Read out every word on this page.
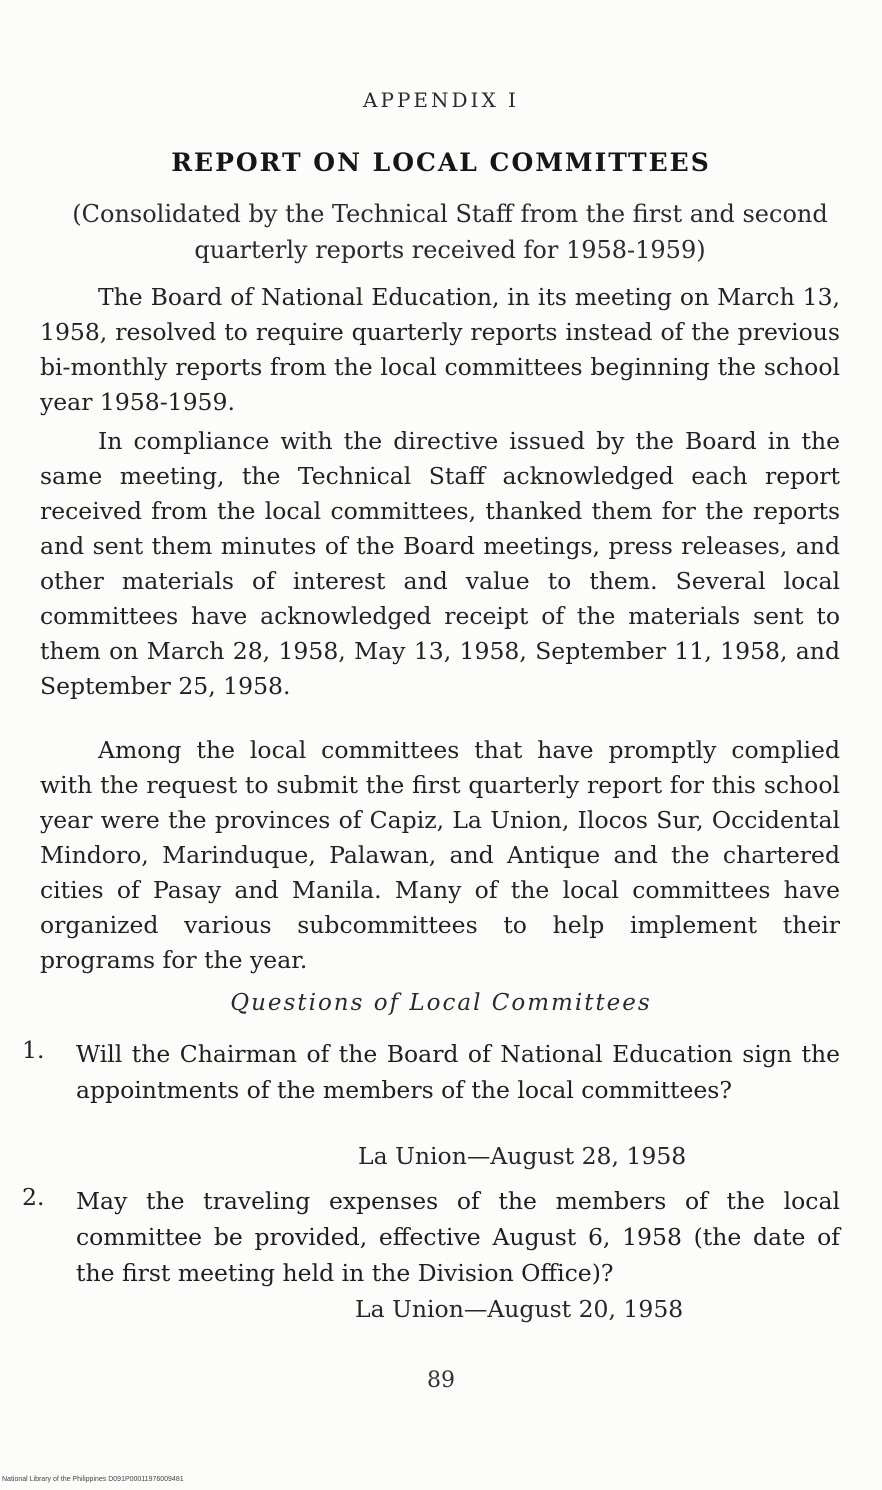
APPENDIX I
REPORT ON LOCAL COMMITTEES
(Consolidated by the Technical Staff from the first and second quarterly reports received for 1958-1959)
The Board of National Education, in its meeting on March 13, 1958, resolved to require quarterly reports instead of the previous bi-monthly reports from the local committees beginning the school year 1958-1959.
In compliance with the directive issued by the Board in the same meeting, the Technical Staff acknowledged each report received from the local committees, thanked them for the reports and sent them minutes of the Board meetings, press releases, and other materials of interest and value to them. Several local committees have acknowledged receipt of the materials sent to them on March 28, 1958, May 13, 1958, September 11, 1958, and September 25, 1958.
Among the local committees that have promptly complied with the request to submit the first quarterly report for this school year were the provinces of Capiz, La Union, Ilocos Sur, Occidental Mindoro, Marinduque, Palawan, and Antique and the chartered cities of Pasay and Manila. Many of the local committees have organized various subcommittees to help implement their programs for the year.
Questions of Local Committees
1. Will the Chairman of the Board of National Education sign the appointments of the members of the local committees?
La Union—August 28, 1958
2. May the traveling expenses of the members of the local committee be provided, effective August 6, 1958 (the date of the first meeting held in the Division Office)?
La Union—August 20, 1958
89
National Library of the Philippines D091P00011976009481
